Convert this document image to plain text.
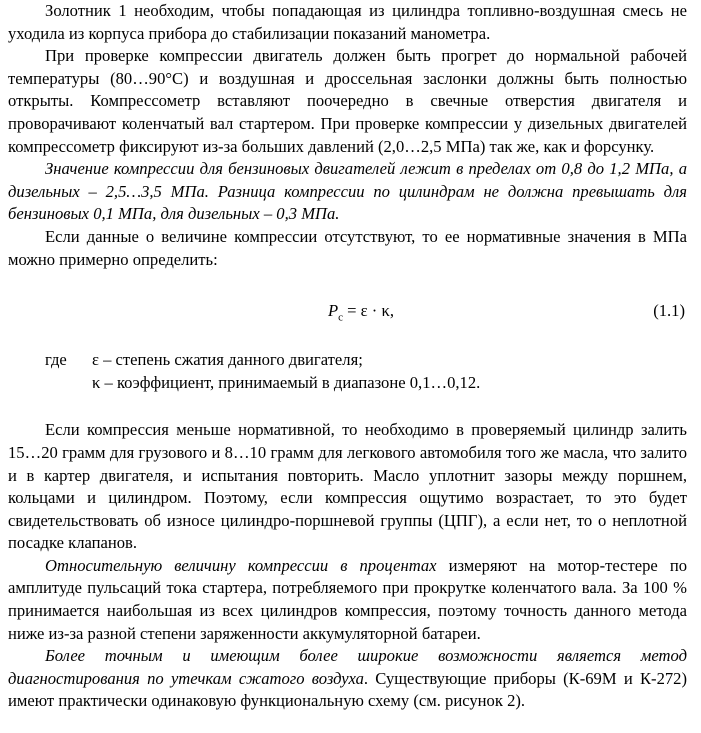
Золотник 1 необходим, чтобы попадающая из цилиндра топливно-воздушная смесь не уходила из корпуса прибора до стабилизации показаний манометра.

При проверке компрессии двигатель должен быть прогрет до нормальной рабочей температуры (80…90°С) и воздушная и дроссельная заслонки должны быть полностью открыты. Компрессометр вставляют поочередно в свечные отверстия двигателя и проворачивают коленчатый вал стартером. При проверке компрессии у дизельных двигателей компрессометр фиксируют из-за больших давлений (2,0…2,5 МПа) так же, как и форсунку.

Значение компрессии для бензиновых двигателей лежит в пределах от 0,8 до 1,2 МПа, а дизельных – 2,5…3,5 МПа. Разница компрессии по цилиндрам не должна превышать для бензиновых 0,1 МПа, для дизельных – 0,3 МПа.

Если данные о величине компрессии отсутствуют, то ее нормативные значения в МПа можно примерно определить:

$P_c = \varepsilon \cdot \kappa$,	(1.1)
где ε – степень сжатия данного двигателя;
κ – коэффициент, принимаемый в диапазоне 0,1…0,12.

Если компрессия меньше нормативной, то необходимо в проверяемый цилиндр залить 15…20 грамм для грузового и 8…10 грамм для легкового автомобиля того же масла, что залито и в картер двигателя, и испытания повторить. Масло уплотнит зазоры между поршнем, кольцами и цилиндром. Поэтому, если компрессия ощутимо возрастает, то это будет свидетельствовать об износе цилиндро-поршневой группы (ЦПГ), а если нет, то о неплотной посадке клапанов.

Относительную величину компрессии в процентах измеряют на мотор-тестере по амплитуде пульсаций тока стартера, потребляемого при прокрутке коленчатого вала. За 100 % принимается наибольшая из всех цилиндров компрессия, поэтому точность данного метода ниже из-за разной степени заряженности аккумуляторной батареи.

Более точным и имеющим более широкие возможности является метод диагностирования по утечкам сжатого воздуха. Существующие приборы (К-69М и К-272) имеют практически одинаковую функциональную схему (см. рисунок 2).
